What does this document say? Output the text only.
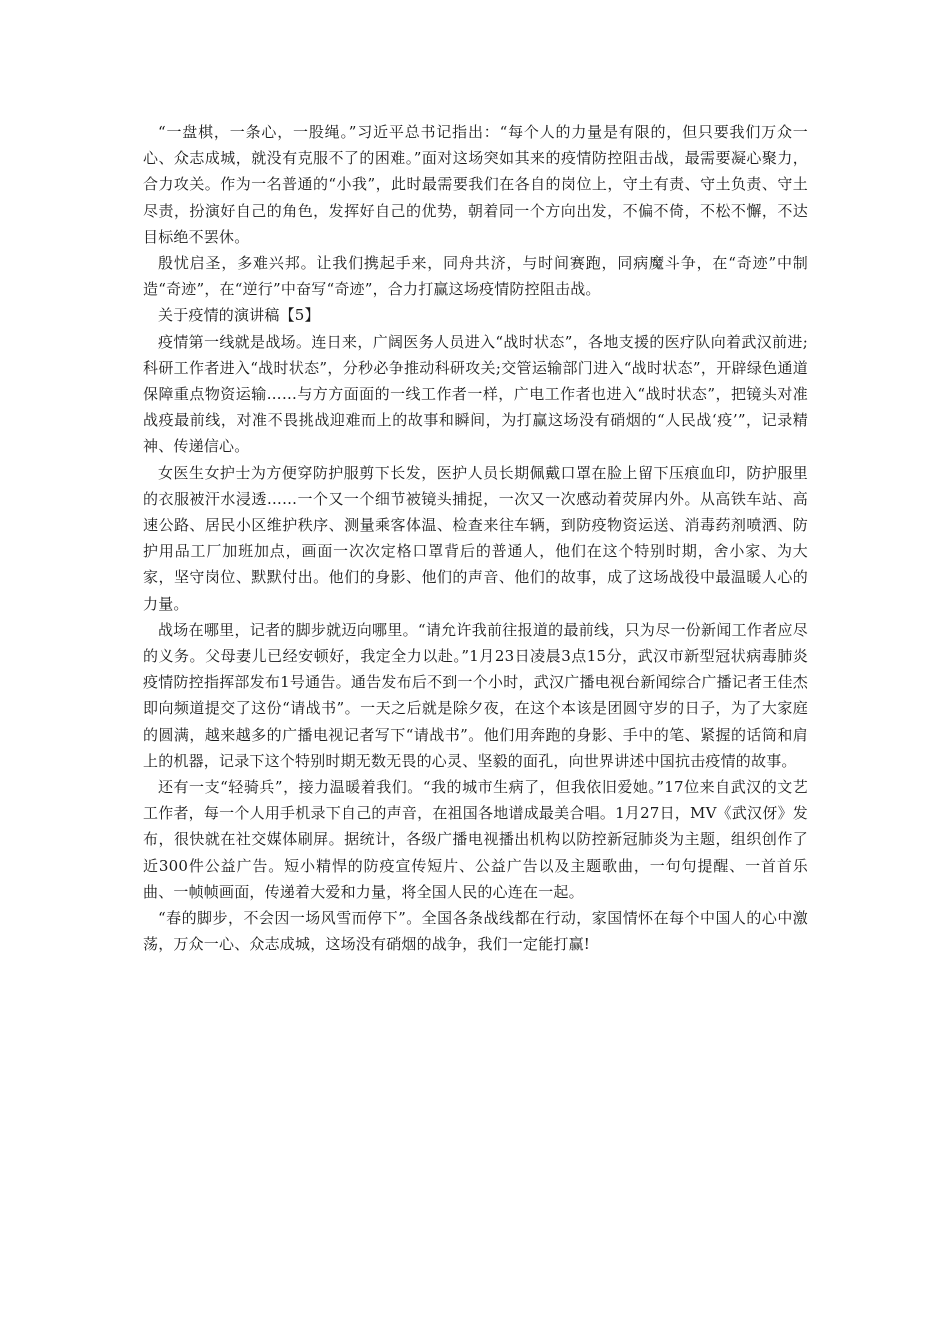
“一盘棋，一条心，一股绳。”习近平总书记指出：“每个人的力量是有限的，但只要我们万众一心、众志成城，就没有克服不了的困难。”面对这场突如其来的疫情防控阻击战，最需要凝心聚力，合力攻关。作为一名普通的“小我”，此时最需要我们在各自的岗位上，守土有责、守土负责、守土尽责，扮演好自己的角色，发挥好自己的优势，朝着同一个方向出发，不偏不倚，不松不懈，不达目标绝不罢休。

殷忧启圣，多难兴邦。让我们携起手来，同舟共济，与时间赛跑，同病魔斗争，在“奇迹”中制造“奇迹”，在“逆行”中奋写“奇迹”，合力打赢这场疫情防控阻击战。

关于疫情的演讲稿【5】

疫情第一线就是战场。连日来，广阔医务人员进入“战时状态”，各地支援的医疗队向着武汉前进;科研工作者进入“战时状态”，分秒必争推动科研攻关;交管运输部门进入“战时状态”，开辟绿色通道保障重点物资运输……与方方面面的一线工作者一样，广电工作者也进入“战时状态”，把镜头对准战疫最前线，对准不畏挑战迎难而上的故事和瞬间，为打赢这场没有硝烟的“人民战‘疫’”，记录精神、传递信心。

女医生女护士为方便穿防护服剪下长发，医护人员长期佩戴口罩在脸上留下压痕血印，防护服里的衣服被汗水浸透……一个又一个细节被镜头捕捉，一次又一次感动着荧屏内外。从高铁车站、高速公路、居民小区维护秩序、测量乘客体温、检查来往车辆，到防疫物资运送、消毒药剂喷洒、防护用品工厂加班加点，画面一次次定格口罩背后的普通人，他们在这个特别时期，舍小家、为大家，坚守岗位、默默付出。他们的身影、他们的声音、他们的故事，成了这场战役中最温暖人心的力量。

战场在哪里，记者的脚步就迈向哪里。“请允许我前往报道的最前线，只为尽一份新闻工作者应尽的义务。父母妻儿已经安顿好，我定全力以赴。”1月23日凌晨3点15分，武汉市新型冠状病毒肺炎疫情防控指挥部发布1号通告。通告发布后不到一个小时，武汉广播电视台新闻综合广播记者王佳杰即向频道提交了这份“请战书”。一天之后就是除夕夜，在这个本该是团圆守岁的日子，为了大家庭的圆满，越来越多的广播电视记者写下“请战书”。他们用奔跑的身影、手中的笔、紧握的话筒和肩上的机器，记录下这个特别时期无数无畏的心灵、坚毅的面孔，向世界讲述中国抗击疫情的故事。

还有一支“轻骑兵”，接力温暖着我们。“我的城市生病了，但我依旧爱她。”17位来自武汉的文艺工作者，每一个人用手机录下自己的声音，在祖国各地谱成最美合唱。1月27日，MV《武汉伢》发布，很快就在社交媒体刷屏。据统计，各级广播电视播出机构以防控新冠肺炎为主题，组织创作了近300件公益广告。短小精悍的防疫宣传短片、公益广告以及主题歌曲，一句句提醒、一首首乐曲、一帧帧画面，传递着大爱和力量，将全国人民的心连在一起。

“春的脚步，不会因一场风雪而停下”。全国各条战线都在行动，家国情怀在每个中国人的心中激荡，万众一心、众志成城，这场没有硝烟的战争，我们一定能打赢!
